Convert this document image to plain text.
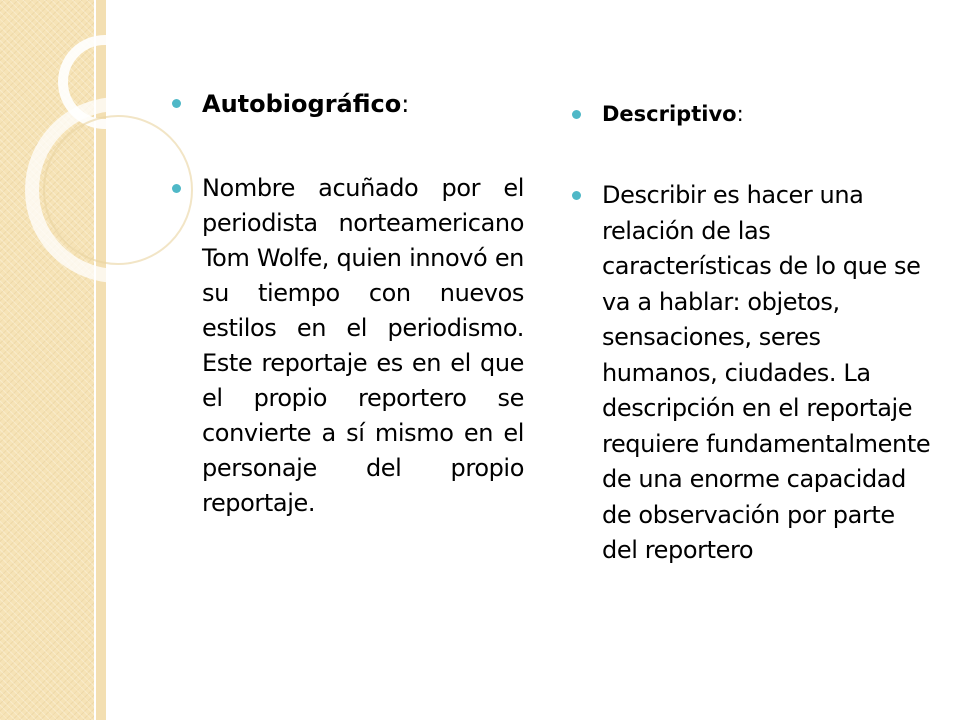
Autobiográfico:
Nombre acuñado por el periodista norteamericano Tom Wolfe, quien innovó en su tiempo con nuevos estilos en el periodismo. Este reportaje es en el que el propio reportero se convierte a sí mismo en el personaje del propio reportaje.
Descriptivo:
Describir es hacer una relación de las características de lo que se va a hablar: objetos, sensaciones, seres humanos, ciudades. La descripción en el reportaje requiere fundamentalmente de una enorme capacidad de observación por parte del reportero
